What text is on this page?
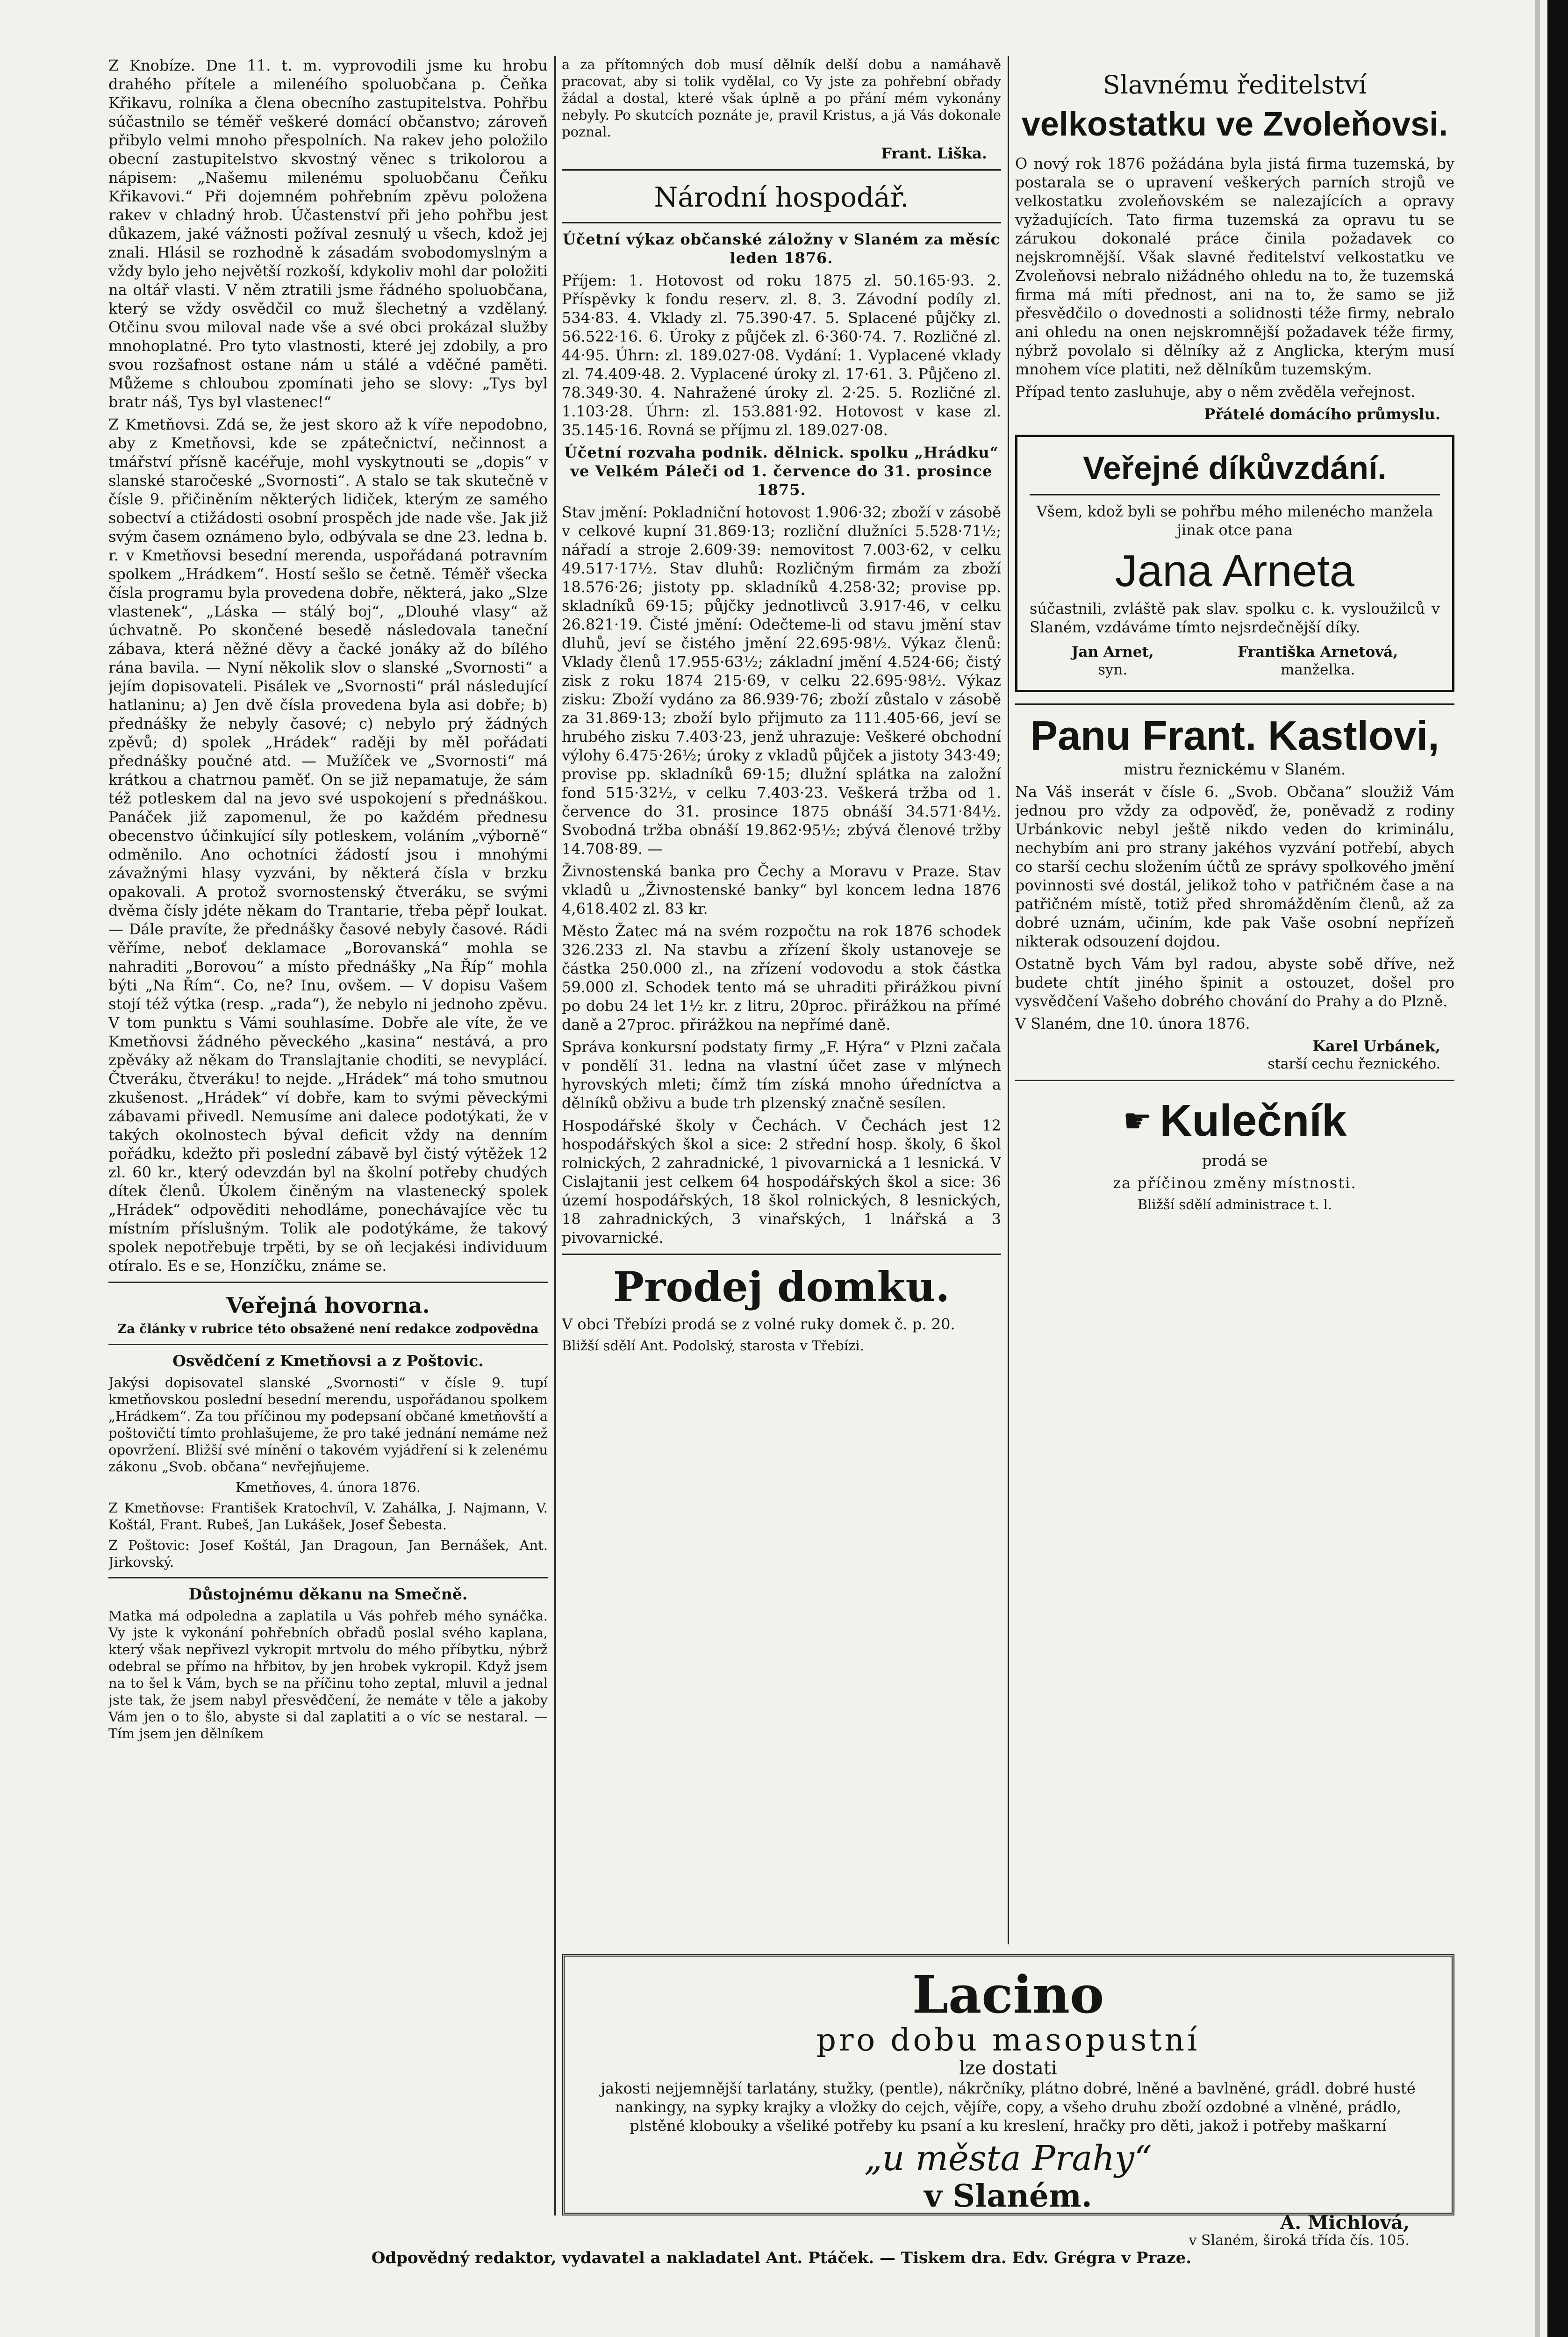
Z Knobíze. Dne 11. t. m. vyprovodili jsme ku hrobu drahého přítele a milenéího spoluobčana p. Čeňka Křikavu, rolníka a člena obecního zastupitelstva. Pohřbu súčastnilo se téměř veškeré domácí občanstvo; zároveň přibylo velmi mnoho přespolních. Na rakev jeho položilo obecní zastupitelstvo skvostný věnec s trikolorou a nápisem: „Našemu milenému spoluobčanu Čeňku Křikavovi.“ Při dojemném pohřebním zpěvu položena rakev v chladný hrob. Účastenství při jeho pohřbu jest důkazem, jaké vážnosti požíval zesnulý u všech, kdož jej znali. Hlásil se rozhodně k zásadám svobodomyslným a vždy bylo jeho největší rozkoší, kdykoliv mohl dar položiti na oltář vlasti. V něm ztratili jsme řádného spoluobčana, který se vždy osvědčil co muž šlechetný a vzdělaný. Otčinu svou miloval nade vše a své obci prokázal služby mnohoplatné. Pro tyto vlastnosti, které jej zdobily, a pro svou rozšafnost ostane nám u stálé a vděčné paměti. Můžeme s chloubou zpomínati jeho se slovy: „Tys byl bratr náš, Tys byl vlastenec!“

Z Kmetňovsi. Zdá se, že jest skoro až k víře nepodobno, aby z Kmetňovsi, kde se zpátečnictví, nečinnost a tmářství přísně kacéřuje, mohl vyskytnouti se „dopis“ v slanské staročeské „Svornosti“. A stalo se tak skutečně v čísle 9. přičiněním některých lidiček, kterým ze samého sobectví a ctižádosti osobní prospěch jde nade vše. Jak již svým časem oznámeno bylo, odbývala se dne 23. ledna b. r. v Kmetňovsi besední merenda, uspořádaná potravním spolkem „Hrádkem“. Hostí sešlo se četně. Téměř všecka čísla programu byla provedena dobře, některá, jako „Slze vlastenek“, „Láska — stálý boj“, „Dlouhé vlasy“ až úchvatně. Po skončené besedě následovala taneční zábava, která něžné děvy a čacké jonáky až do bílého rána bavila. — Nyní několik slov o slanské „Svornosti“ a jejím dopisovateli. Pisálek ve „Svornosti“ prál následující hatlaninu; a) Jen dvě čísla provedena byla asi dobře; b) přednášky že nebyly časové; c) nebylo prý žádných zpěvů; d) spolek „Hrádek“ raději by měl pořádati přednášky poučné atd. — Mužíček ve „Svornosti“ má krátkou a chatrnou paměť. On se již nepamatuje, že sám též potleskem dal na jevo své uspokojení s přednáškou. Panáček již zapomenul, že po každém přednesu obecenstvo účinkující síly potleskem, voláním „výborně“ odměnilo. Ano ochotníci žádostí jsou i mnohými závažnými hlasy vyzváni, by některá čísla v brzku opakovali. A protož svornostenský čtveráku, se svými dvěma čísly jdéte někam do Trantarie, třeba pěpř loukat. — Dále pravíte, že přednášky časové nebyly časové. Rádi věříme, neboť deklamace „Borovanská“ mohla se nahraditi „Borovou“ a místo přednášky „Na Říp“ mohla býti „Na Řím“. Co, ne? Inu, ovšem. — V dopisu Vašem stojí též výtka (resp. „rada“), že nebylo ni jednoho zpěvu. V tom punktu s Vámi souhlasíme. Dobře ale víte, že ve Kmetňovsi žádného pěveckého „kasina“ nestává, a pro zpěváky až někam do Translajtanie choditi, se nevyplácí. Čtveráku, čtveráku! to nejde. „Hrádek“ má toho smutnou zkušenost. „Hrádek“ ví dobře, kam to svými pěveckými zábavami přivedl. Nemusíme ani dalece podotýkati, že v takých okolnostech býval deficit vždy na denním pořádku, kdežto při poslední zábavě byl čistý výtěžek 12 zl. 60 kr., který odevzdán byl na školní potřeby chudých dítek členů. Úkolem činěným na vlastenecký spolek „Hrádek“ odpověditi nehodláme, ponechávajíce věc tu místním příslušným. Tolik ale podotýkáme, že takový spolek nepotřebuje trpěti, by se oň lecjakési individuum otíralo. Es e se, Honzíčku, známe se.

Veřejná hovorna.
Za články v rubrice této obsažené není redakce zodpovědna
Osvědčení z Kmetňovsi a z Poštovic.

Jakýsi dopisovatel slanské „Svornosti“ v čísle 9. tupí kmetňovskou poslední besední merendu, uspořádanou spolkem „Hrádkem“. Za tou příčinou my podepsaní občané kmetňovští a poštovičtí tímto prohlašujeme, že pro také jednání nemáme než opovržení. Bližší své mínění o takovém vyjádření si k zelenému zákonu „Svob. občana“ nevřejňujeme.

Kmetňoves, 4. února 1876.

Z Kmetňovse: František Kratochvíl, V. Zahálka, J. Najmann, V. Koštál, Frant. Rubeš, Jan Lukášek, Josef Šebesta.

Z Poštovic: Josef Koštál, Jan Dragoun, Jan Bernášek, Ant. Jirkovský.

Důstojnému děkanu na Smečně.

Matka má odpoledna a zaplatila u Vás pohřeb mého synáčka. Vy jste k vykonání pohřebních obřadů poslal svého kaplana, který však nepřivezl vykropit mrtvolu do mého příbytku, nýbrž odebral se přímo na hřbitov, by jen hrobek vykropil. Když jsem na to šel k Vám, bych se na příčinu toho zeptal, mluvil a jednal jste tak, že jsem nabyl přesvědčení, že nemáte v těle a jakoby Vám jen o to šlo, abyste si dal zaplatiti a o víc se nestaral. — Tím jsem jen dělníkem

a za přítomných dob musí dělník delší dobu a namáhavě pracovat, aby si tolik vydělal, co Vy jste za pohřební obřady žádal a dostal, které však úplně a po přání mém vykonány nebyly. Po skutcích poznáte je, pravil Kristus, a já Vás dokonale poznal.

Frant. Liška.
Národní hospodář.

Účetní výkaz občanské záložny v Slaném za měsíc leden 1876.

Příjem: 1. Hotovost od roku 1875 zl. 50.165·93. 2. Příspěvky k fondu reserv. zl. 8. 3. Závodní podíly zl. 534·83. 4. Vklady zl. 75.390·47. 5. Splacené půjčky zl. 56.522·16. 6. Úroky z půjček zl. 6·360·74. 7. Rozličné zl. 44·95. Úhrn: zl. 189.027·08. Vydání: 1. Vyplacené vklady zl. 74.409·48. 2. Vyplacené úroky zl. 17·61. 3. Půjčeno zl. 78.349·30. 4. Nahražené úroky zl. 2·25. 5. Rozličné zl. 1.103·28. Úhrn: zl. 153.881·92. Hotovost v kase zl. 35.145·16. Rovná se příjmu zl. 189.027·08.

Účetní rozvaha podnik. dělnick. spolku „Hrádku“ ve Velkém Páleči od 1. července do 31. prosince 1875.

Stav jmění: Pokladniční hotovost 1.906·32; zboží v zásobě v celkové kupní 31.869·13; rozliční dlužníci 5.528·71½; nářadí a stroje 2.609·39: nemovitost 7.003·62, v celku 49.517·17½. Stav dluhů: Rozličným firmám za zboží 18.576·26; jistoty pp. skladníků 4.258·32; provise pp. skladníků 69·15; půjčky jednotlivců 3.917·46, v celku 26.821·19. Čisté jmění: Odečteme-li od stavu jmění stav dluhů, jeví se čistého jmění 22.695·98½. Výkaz členů: Vklady členů 17.955·63½; základní jmění 4.524·66; čistý zisk z roku 1874 215·69, v celku 22.695·98½. Výkaz zisku: Zboží vydáno za 86.939·76; zboží zůstalo v zásobě za 31.869·13; zboží bylo přijmuto za 111.405·66, jeví se hrubého zisku 7.403·23, jenž uhrazuje: Veškeré obchodní výlohy 6.475·26½; úroky z vkladů půjček a jistoty 343·49; provise pp. skladníků 69·15; dlužní splátka na založní fond 515·32½, v celku 7.403·23. Veškerá tržba od 1. července do 31. prosince 1875 obnáší 34.571·84½. Svobodná tržba obnáší 19.862·95½; zbývá členové tržby 14.708·89. —

Živnostenská banka pro Čechy a Moravu v Praze. Stav vkladů u „Živnostenské banky“ byl koncem ledna 1876 4,618.402 zl. 83 kr.

Město Žatec má na svém rozpočtu na rok 1876 schodek 326.233 zl. Na stavbu a zřízení školy ustanoveje se částka 250.000 zl., na zřízení vodovodu a stok částka 59.000 zl. Schodek tento má se uhraditi přirážkou pivní po dobu 24 let 1½ kr. z litru, 20proc. přirážkou na přímé daně a 27proc. přirážkou na nepřímé daně.

Správa konkursní podstaty firmy „F. Hýra“ v Plzni začala v pondělí 31. ledna na vlastní účet zase v mlýnech hyrovských mleti; čímž tím získá mnoho úředníctva a dělníků obživu a bude trh plzenský značně sesílen.

Hospodářské školy v Čechách. V Čechách jest 12 hospodářských škol a sice: 2 střední hosp. školy, 6 škol rolnických, 2 zahradnické, 1 pivovarnická a 1 lesnická. V Cislajtanii jest celkem 64 hospodářských škol a sice: 36 území hospodářských, 18 škol rolnických, 8 lesnických, 18 zahradnických, 3 vinařských, 1 lnářská a 3 pivovarnické.

Prodej domku.

V obci Třebízi prodá se z volné ruky domek č. p. 20.

Bližší sdělí Ant. Podolský, starosta v Třebízi.

Slavnému ředitelství
velkostatku ve Zvoleňovsi.

O nový rok 1876 požádána byla jistá firma tuzemská, by postarala se o upravení veškerých parních strojů ve velkostatku zvoleňovském se nalezajících a opravy vyžadujících. Tato firma tuzemská za opravu tu se zárukou dokonalé práce činila požadavek co nejskromnější. Však slavné ředitelství velkostatku ve Zvoleňovsi nebralo nižádného ohledu na to, že tuzemská firma má míti přednost, ani na to, že samo se již přesvědčilo o dovednosti a solidnosti téže firmy, nebralo ani ohledu na onen nejskromnější požadavek téže firmy, nýbrž povolalo si dělníky až z Anglicka, kterým musí mnohem více platiti, než dělníkům tuzemským.

Případ tento zasluhuje, aby o něm zvěděla veřejnost.

Přátelé domácího průmyslu.
Veřejné díkůvzdání.

Všem, kdož byli se pohřbu mého milenécho manžela jinak otce pana

Jana Arneta

súčastnili, zvláště pak slav. spolku c. k. vysloužilců v Slaném, vzdáváme tímto nejsrdečnější díky.

Jan Arnet,
syn.
Františka Arnetová,
manželka.
Panu Frant. Kastlovi,

mistru řeznickému v Slaném.

Na Váš inserát v čísle 6. „Svob. Občana“ sloužiž Vám jednou pro vždy za odpověď, že, poněvadž z rodiny Urbánkovic nebyl ještě nikdo veden do kriminálu, nechybím ani pro strany jakéhos vyzvání potřebí, abych co starší cechu složením účtů ze správy spolkového jmění povinnosti své dostál, jelikož toho v patřičném čase a na patřičném místě, totiž před shromážděním členů, až za dobré uznám, učiním, kde pak Vaše osobní nepřízeň nikterak odsouzení dojdou.

Ostatně bych Vám byl radou, abyste sobě dříve, než budete chtít jiného špinit a ostouzet, došel pro vysvědčení Vašeho dobrého chování do Prahy a do Plzně.

V Slaném, dne 10. února 1876.

Karel Urbánek,
starší cechu řeznického.
☛ Kulečník

prodá se

za příčinou změny místnosti.

Bližší sdělí administrace t. l.

Lacino
pro dobu masopustní
lze dostati

jakosti nejjemnější tarlatány, stužky, (pentle), nákrčníky, plátno dobré, lněné a bavlněné, grádl. dobré husté nankingy, na sypky krajky a vložky do cejch, vějíře, copy, a všeho druhu zboží ozdobné a vlněné, prádlo, plstěné klobouky a všeliké potřeby ku psaní a ku kreslení, hračky pro děti, jakož i potřeby maškarní

„u města Prahy“
v Slaném.
A. Michlová,
v Slaném, široká třída čís. 105.
Odpovědný redaktor, vydavatel a nakladatel Ant. Ptáček. — Tiskem dra. Edv. Grégra v Praze.
